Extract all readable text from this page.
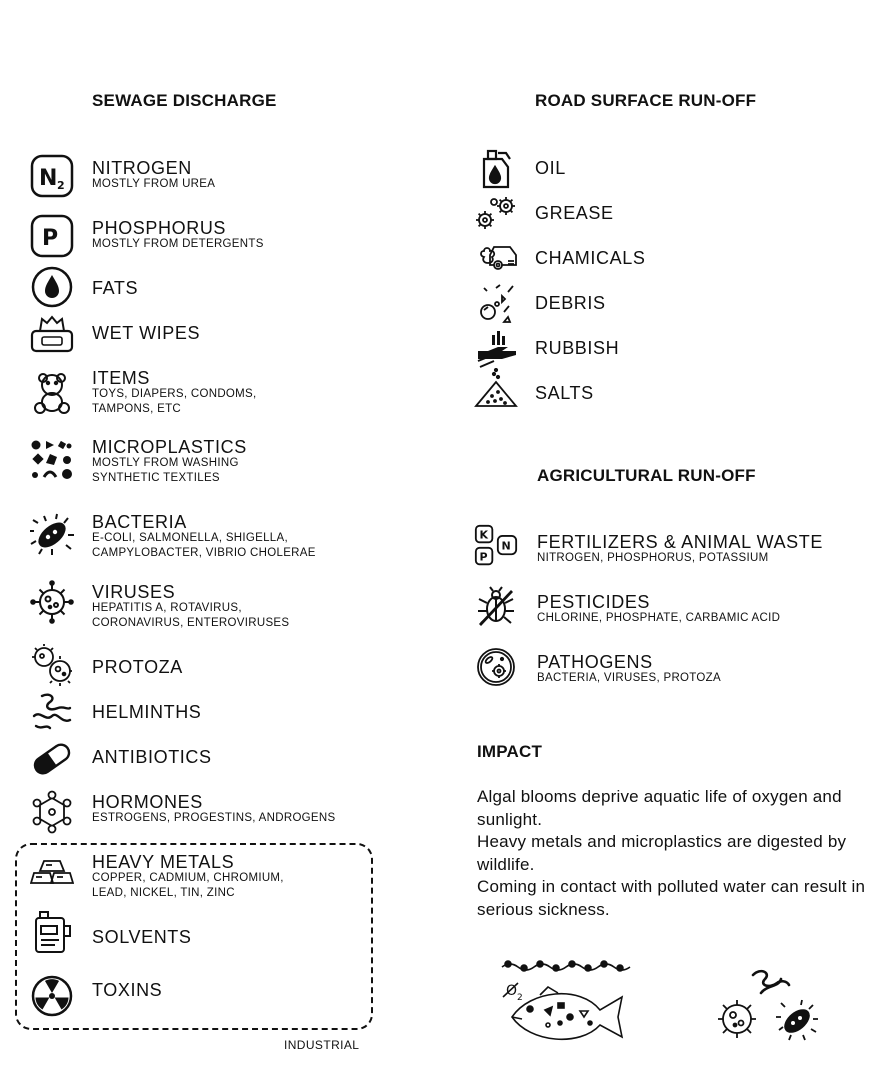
SEWAGE DISCHARGE
N 2
NITROGEN
MOSTLY FROM UREA
P PHOSPHORUS
MOSTLY FROM DETERGENTS
FATS
WET WIPES
ITEMS
TOYS, DIAPERS, CONDOMS,
TAMPONS, ETC
MICROPLASTICS
MOSTLY FROM WASHING
SYNTHETIC TEXTILES
BACTERIA
E-COLI, SALMONELLA, SHIGELLA,
CAMPYLOBACTER, VIBRIO CHOLERAE
VIRUSES
HEPATITIS A, ROTAVIRUS,
CORONAVIRUS, ENTEROVIRUSES
PROTOZA
HELMINTHS
ANTIBIOTICS
HORMONES
ESTROGENS, PROGESTINS, ANDROGENS
INDUSTRIAL
HEAVY METALS
COPPER, CADMIUM, CHROMIUM,
LEAD, NICKEL, TIN, ZINC
SOLVENTS
TOXINS
ROAD SURFACE RUN-OFF
OIL
GREASE
CHAMICALS
DEBRIS
RUBBISH
SALTS
AGRICULTURAL RUN-OFF
K
P
N FERTILIZERS & ANIMAL WASTE
NITROGEN, PHOSPHORUS, POTASSIUM
PESTICIDES
CHLORINE, PHOSPHATE, CARBAMIC ACID
PATHOGENS
BACTERIA, VIRUSES, PROTOZA
IMPACT

Algal blooms deprive aquatic life of oxygen and sunlight.

Heavy metals and microplastics are digested by wildlife.

Coming in contact with polluted water can result in serious sickness.

O 2
